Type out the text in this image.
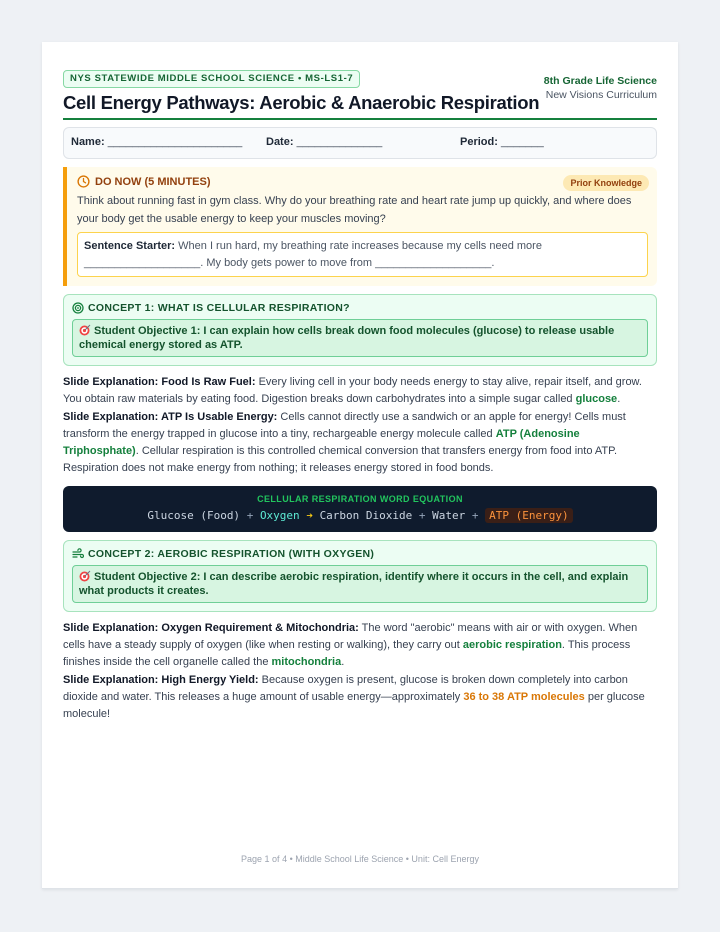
NYS STATEWIDE MIDDLE SCHOOL SCIENCE • MS-LS1-7
Cell Energy Pathways: Aerobic & Anaerobic Respiration
8th Grade Life Science
New Visions Curriculum
Name: ______________________ Date: ______________	Period: _______
DO NOW (5 MINUTES)	Prior Knowledge
Think about running fast in gym class. Why do your breathing rate and heart rate jump up quickly, and where does your body get the usable energy to keep your muscles moving?
Sentence Starter: When I run hard, my breathing rate increases because my cells need more ___________________. My body gets power to move from ___________________.
CONCEPT 1: WHAT IS CELLULAR RESPIRATION?
Student Objective 1: I can explain how cells break down food molecules (glucose) to release usable chemical energy stored as ATP.
Slide Explanation: Food Is Raw Fuel: Every living cell in your body needs energy to stay alive, repair itself, and grow. You obtain raw materials by eating food. Digestion breaks down carbohydrates into a simple sugar called glucose.
Slide Explanation: ATP Is Usable Energy: Cells cannot directly use a sandwich or an apple for energy! Cells must transform the energy trapped in glucose into a tiny, rechargeable energy molecule called ATP (Adenosine Triphosphate). Cellular respiration is this controlled chemical conversion that transfers energy from food into ATP. Respiration does not make energy from nothing; it releases energy stored in food bonds.
CELLULAR RESPIRATION WORD EQUATION
Glucose (Food) + Oxygen ➔ Carbon Dioxide + Water + ATP (Energy)
CONCEPT 2: AEROBIC RESPIRATION (WITH OXYGEN)
Student Objective 2: I can describe aerobic respiration, identify where it occurs in the cell, and explain what products it creates.
Slide Explanation: Oxygen Requirement & Mitochondria: The word "aerobic" means with air or with oxygen. When cells have a steady supply of oxygen (like when resting or walking), they carry out aerobic respiration. This process finishes inside the cell organelle called the mitochondria.
Slide Explanation: High Energy Yield: Because oxygen is present, glucose is broken down completely into carbon dioxide and water. This releases a huge amount of usable energy—approximately 36 to 38 ATP molecules per glucose molecule!
Page 1 of 4 • Middle School Life Science • Unit: Cell Energy
